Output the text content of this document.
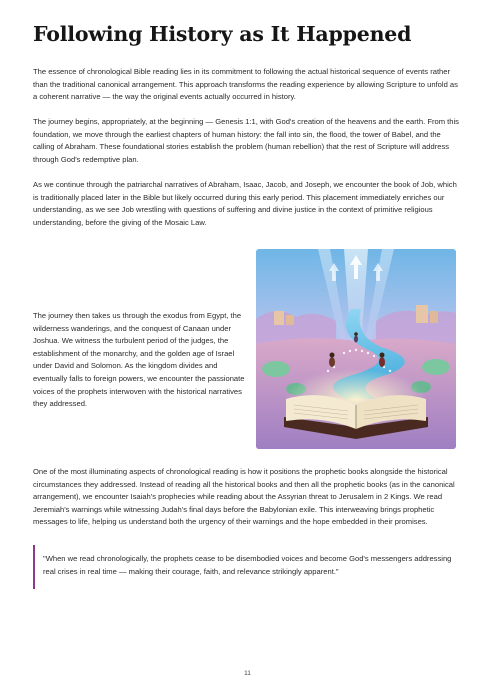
Following History as It Happened

The essence of chronological Bible reading lies in its commitment to following the actual historical sequence of events rather than the traditional canonical arrangement. This approach transforms the reading experience by allowing Scripture to unfold as a coherent narrative — the way the original events actually occurred in history.

The journey begins, appropriately, at the beginning — Genesis 1:1, with God's creation of the heavens and the earth. From this foundation, we move through the earliest chapters of human history: the fall into sin, the flood, the tower of Babel, and the calling of Abraham. These foundational stories establish the problem (human rebellion) that the rest of Scripture will address through God's redemptive plan.

As we continue through the patriarchal narratives of Abraham, Isaac, Jacob, and Joseph, we encounter the book of Job, which is traditionally placed later in the Bible but likely occurred during this early period. This placement immediately enriches our understanding, as we see Job wrestling with questions of suffering and divine justice in the context of primitive religious understanding, before the giving of the Mosaic Law.

The journey then takes us through the exodus from Egypt, the wilderness wanderings, and the conquest of Canaan under Joshua. We witness the turbulent period of the judges, the establishment of the monarchy, and the golden age of Israel under David and Solomon. As the kingdom divides and eventually falls to foreign powers, we encounter the passionate voices of the prophets interwoven with the historical narratives they addressed.

One of the most illuminating aspects of chronological reading is how it positions the prophetic books alongside the historical circumstances they addressed. Instead of reading all the historical books and then all the prophetic books (as in the canonical arrangement), we encounter Isaiah's prophecies while reading about the Assyrian threat to Jerusalem in 2 Kings. We read Jeremiah's warnings while witnessing Judah's final days before the Babylonian exile. This interweaving brings prophetic messages to life, helping us understand both the urgency of their warnings and the hope embedded in their promises.

"When we read chronologically, the prophets cease to be disembodied voices and become God's messengers addressing real crises in real time — making their courage, faith, and relevance strikingly apparent."

11
